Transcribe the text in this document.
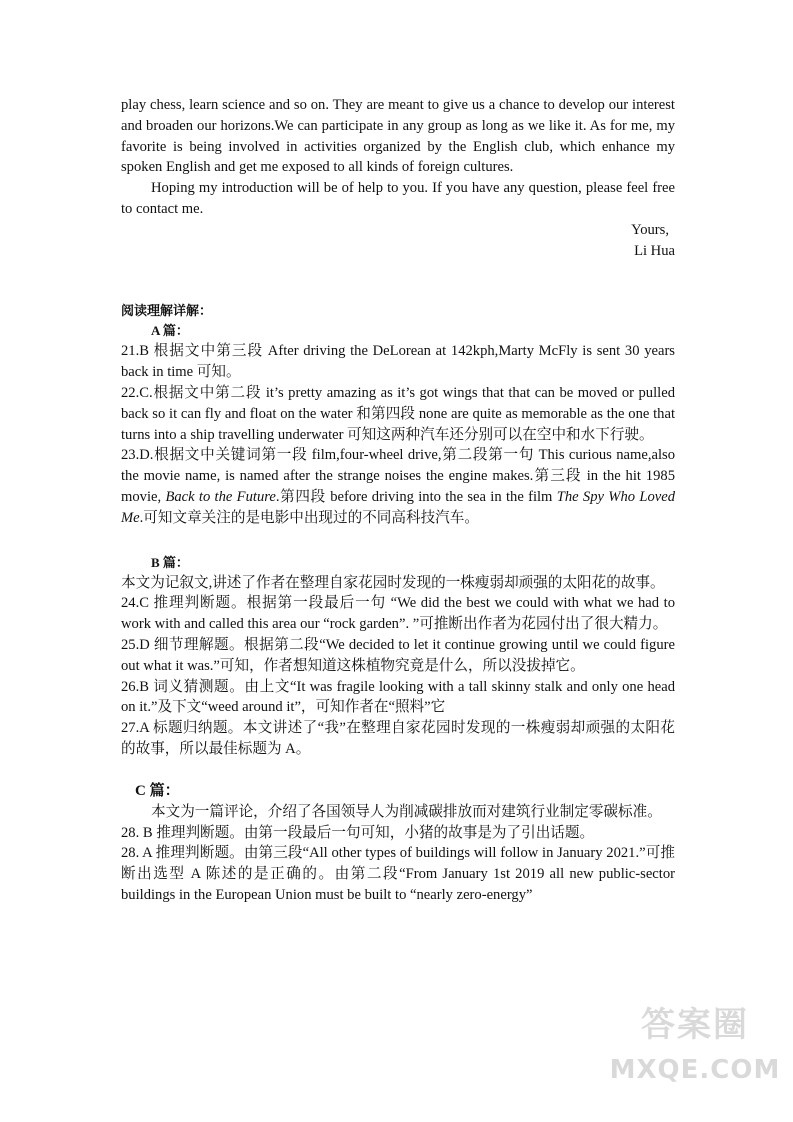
play chess, learn science and so on. They are meant to give us a chance to develop our interest and broaden our horizons.We can participate in any group as long as we like it. As for me, my favorite is being involved in activities organized by the English club, which enhance my spoken English and get me exposed to all kinds of foreign cultures.

Hoping my introduction will be of help to you. If you have any question, please feel free to contact me.

Yours,

Li Hua

阅读理解详解：

A 篇：

21.B 根据文中第三段 After driving the DeLorean at 142kph,Marty McFly is sent 30 years back in time 可知。

22.C.根据文中第二段 it’s pretty amazing as it’s got wings that that can be moved or pulled back so it can fly and float on the water 和第四段 none are quite as memorable as the one that turns into a ship travelling underwater 可知这两种汽车还分别可以在空中和水下行驶。

23.D.根据文中关键词第一段 film,four-wheel drive,第二段第一句 This curious name,also the movie name, is named after the strange noises the engine makes.第三段 in the hit 1985 movie, Back to the Future.第四段 before driving into the sea in the film The Spy Who Loved Me.可知文章关注的是电影中出现过的不同高科技汽车。

B 篇：

本文为记叙文,讲述了作者在整理自家花园时发现的一株瘦弱却顽强的太阳花的故事。

24.C 推理判断题。根据第一段最后一句 “We did the best we could with what we had to work with and called this area our “rock garden”. ”可推断出作者为花园付出了很大精力。

25.D 细节理解题。根据第二段“We decided to let it continue growing until we could figure out what it was.”可知，作者想知道这株植物究竟是什么，所以没拔掉它。

26.B 词义猜测题。由上文“It was fragile looking with a tall skinny stalk and only one head on it.”及下文“weed around it”，可知作者在“照料”它

27.A 标题归纳题。本文讲述了“我”在整理自家花园时发现的一株瘦弱却顽强的太阳花的故事，所以最佳标题为 A。

C 篇：

本文为一篇评论，介绍了各国领导人为削减碳排放而对建筑行业制定零碳标准。

28. B 推理判断题。由第一段最后一句可知，小猪的故事是为了引出话题。

28. A 推理判断题。由第三段“All other types of buildings will follow in January 2021.”可推断出选型 A 陈述的是正确的。由第二段“From January 1st 2019 all new public-sector buildings in the European Union must be built to “nearly zero-energy”

答案圈
MXQE.COM
